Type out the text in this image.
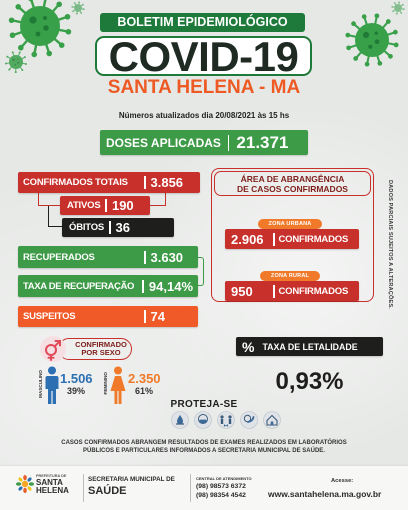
BOLETIM EPIDEMIOLÓGICO
COVID-19
SANTA HELENA - MA
Números atualizados dia 20/08/2021 às 15 hs
DOSES APLICADAS 21.371
CONFIRMADOS TOTAIS	3.856
ATIVOS 190
ÓBITOS 36
RECUPERADOS	3.630
TAXA DE RECUPERAÇÃO 94,14%
SUSPEITOS	74
ÁREA DE ABRANGÊNCIA
DE CASOS CONFIRMADOS
ZONA URBANA
2.906	CONFIRMADOS
ZONA RURAL
950	CONFIRMADOS	DADOS PARCIAIS SUJEITOS A ALTERAÇÕES.
% TAXA DE LETALIDADE
0,93%
CONFIRMADO
POR SEXO
MASCULINO 1.506
39%	FEMININO 2.350
61%
PROTEJA-SE
CASOS CONFIRMADOS ABRANGEM RESULTADOS DE EXAMES REALIZADOS EM LABORATÓRIOS
PÚBLICOS E PARTICULARES INFORMADOS A SECRETARIA MUNICIPAL DE SAÚDE.
PREFEITURA DE
SANTA
HELENA
SECRETARIA MUNICIPAL DE
SAÚDE
CENTRAL DE ATENDIMENTO
(98) 98573 6372
(98) 98354 4542
Acesse:
www.santahelena.ma.gov.br
